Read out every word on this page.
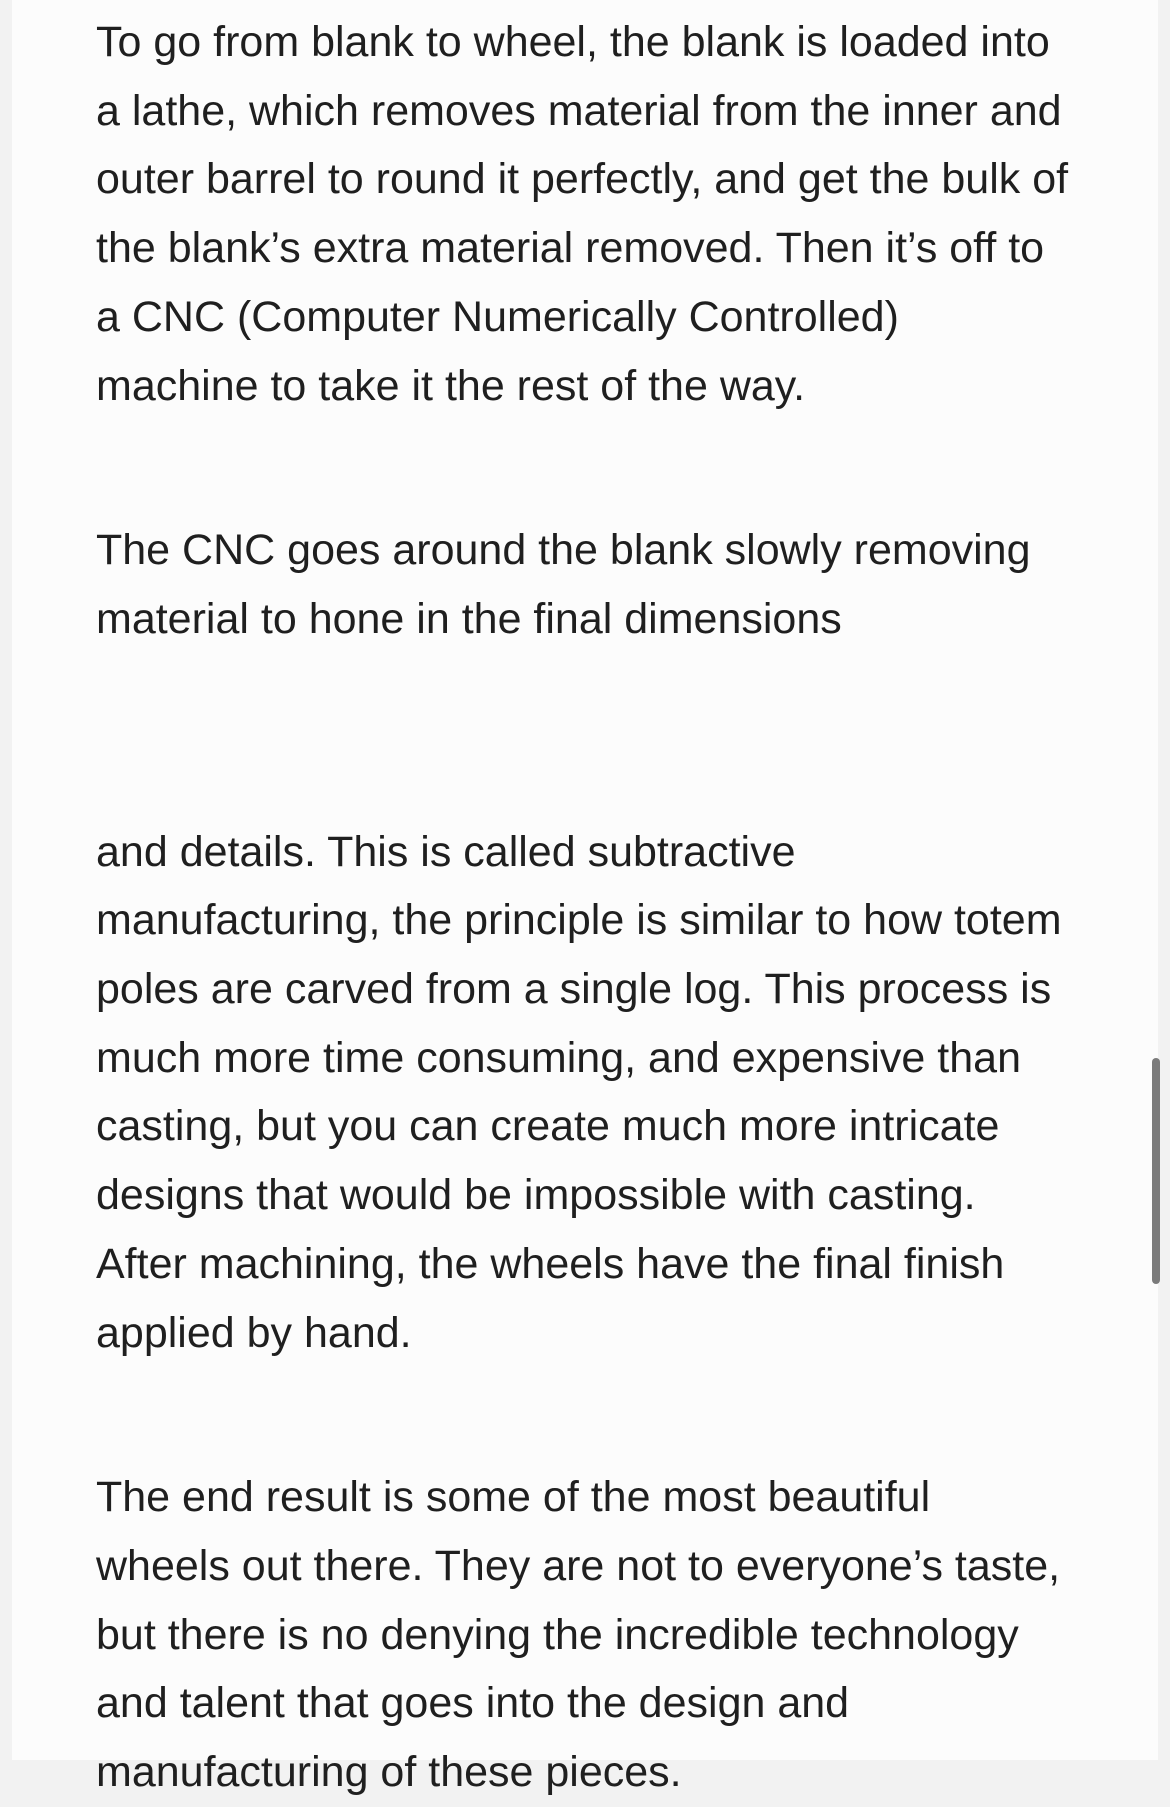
To go from blank to wheel, the blank is loaded into
a lathe, which removes material from the inner and
outer barrel to round it perfectly, and get the bulk of
the blank’s extra material removed. Then it’s off to
a CNC (Computer Numerically Controlled)
machine to take it the rest of the way.

The CNC goes around the blank slowly removing
material to hone in the final dimensions

and details. This is called subtractive
manufacturing, the principle is similar to how totem
poles are carved from a single log. This process is
much more time consuming, and expensive than
casting, but you can create much more intricate
designs that would be impossible with casting.
After machining, the wheels have the final finish
applied by hand.

The end result is some of the most beautiful
wheels out there. They are not to everyone’s taste,
but there is no denying the incredible technology
and talent that goes into the design and
manufacturing of these pieces.
